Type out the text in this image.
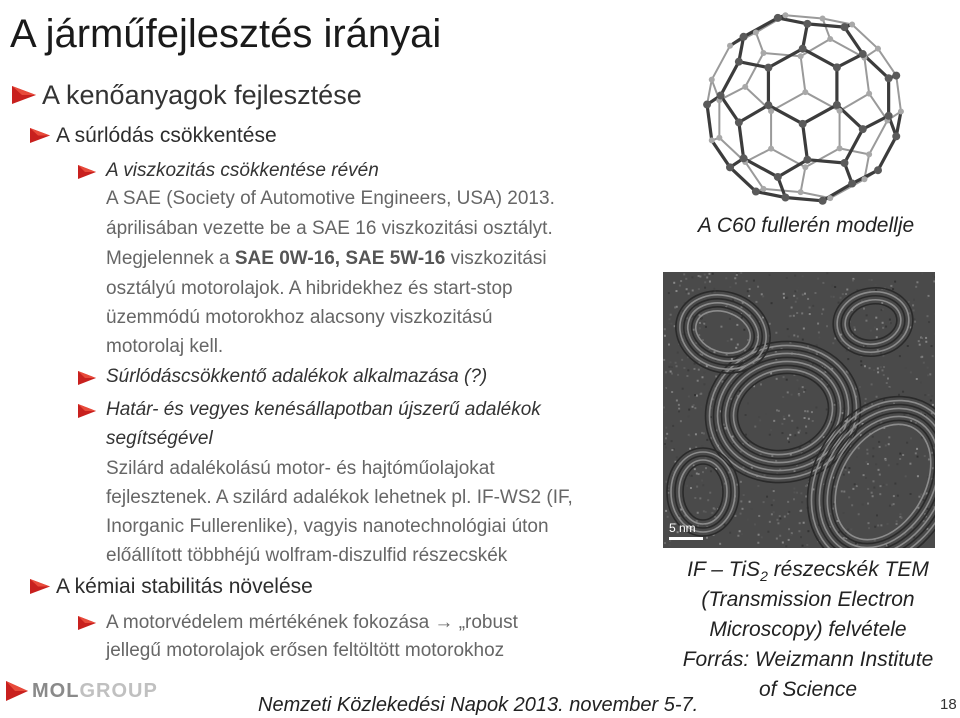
A járműfejlesztés irányai
A kenőanyagok fejlesztése
A súrlódás csökkentése
A viszkozitás csökkentése révén
A SAE (Society of Automotive Engineers, USA) 2013.
áprilisában vezette be a SAE 16 viszkozitási osztályt.
Megjelennek a SAE 0W-16, SAE 5W-16 viszkozitási
osztályú motorolajok. A hibridekhez és start-stop
üzemmódú motorokhoz alacsony viszkozitású
motorolaj kell.
Súrlódáscsökkentő adalékok alkalmazása (?)
Határ- és vegyes kenésállapotban újszerű adalékok
segítségével
Szilárd adalékolású motor- és hajtóműolajokat
fejlesztenek. A szilárd adalékok lehetnek pl. IF-WS2 (IF,
Inorganic Fullerenlike), vagyis nanotechnológiai úton
előállított többhéjú wolfram-diszulfid részecskék
A kémiai stabilitás növelése
A motorvédelem mértékének fokozása → „robust
jellegű motorolajok erősen feltöltött motorokhoz
A C60 fullerén modellje
5 nm
IF – TiS$_2$ részecskék TEM
(Transmission Electron
Microscopy) felvétele
Forrás: Weizmann Institute
of Science
MOLGROUP
Nemzeti Közlekedési Napok 2013. november 5-7.	18
